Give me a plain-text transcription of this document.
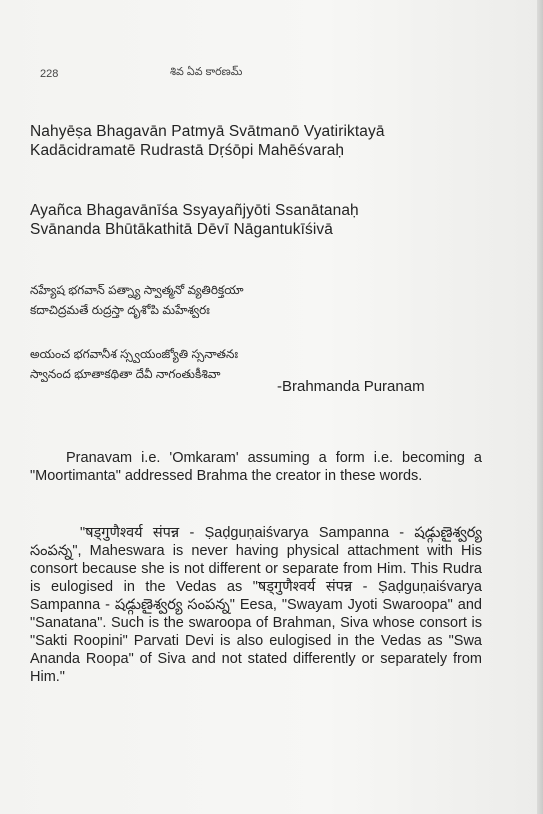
228	శివ ఏవ కారణమ్
Nahyēṣa Bhagavān Patmyā Svātmanō Vyatiriktayā
Kadācidramatē Rudrastā Dṛśōpi Mahēśvaraḥ
Ayañca Bhagavānīśa Ssyayañjyōti Ssanātanaḥ
Svānanda Bhūtākathitā Dēvī Nāgantukīśivā
నహ్యేష భగవాన్ పత్న్యా స్వాత్మనో వ్యతిరిక్తయా
కదాచిద్రమతే రుద్రస్తా దృశోపి మహేశ్వరః
అయంచ భగవానీశ స్స్వయంజ్యోతి స్సనాతనః
స్వానంద భూతాకథితా దేవీ నాగంతుకీశివా
-Brahmanda Puranam
Pranavam i.e. 'Omkaram' assuming a form i.e. becoming a "Moortimanta" addressed Brahma the creator in these words.
"षड्गुणैश्वर्य संपन्न - Ṣaḍguṇaiśvarya Sampanna - షడ్గుణైశ్వర్య సంపన్న", Maheswara is never having physical attachment with His consort because she is not different or separate from Him. This Rudra is eulogised in the Vedas as "षड्गुणैश्वर्य संपन्न - Ṣaḍguṇaiśvarya Sampanna - షడ్గుణైశ్వర్య సంపన్న" Eesa, "Swayam Jyoti Swaroopa" and "Sanatana". Such is the swaroopa of Brahman, Siva whose consort is "Sakti Roopini" Parvati Devi is also eulogised in the Vedas as "Swa Ananda Roopa" of Siva and not stated differently or separately from Him."
